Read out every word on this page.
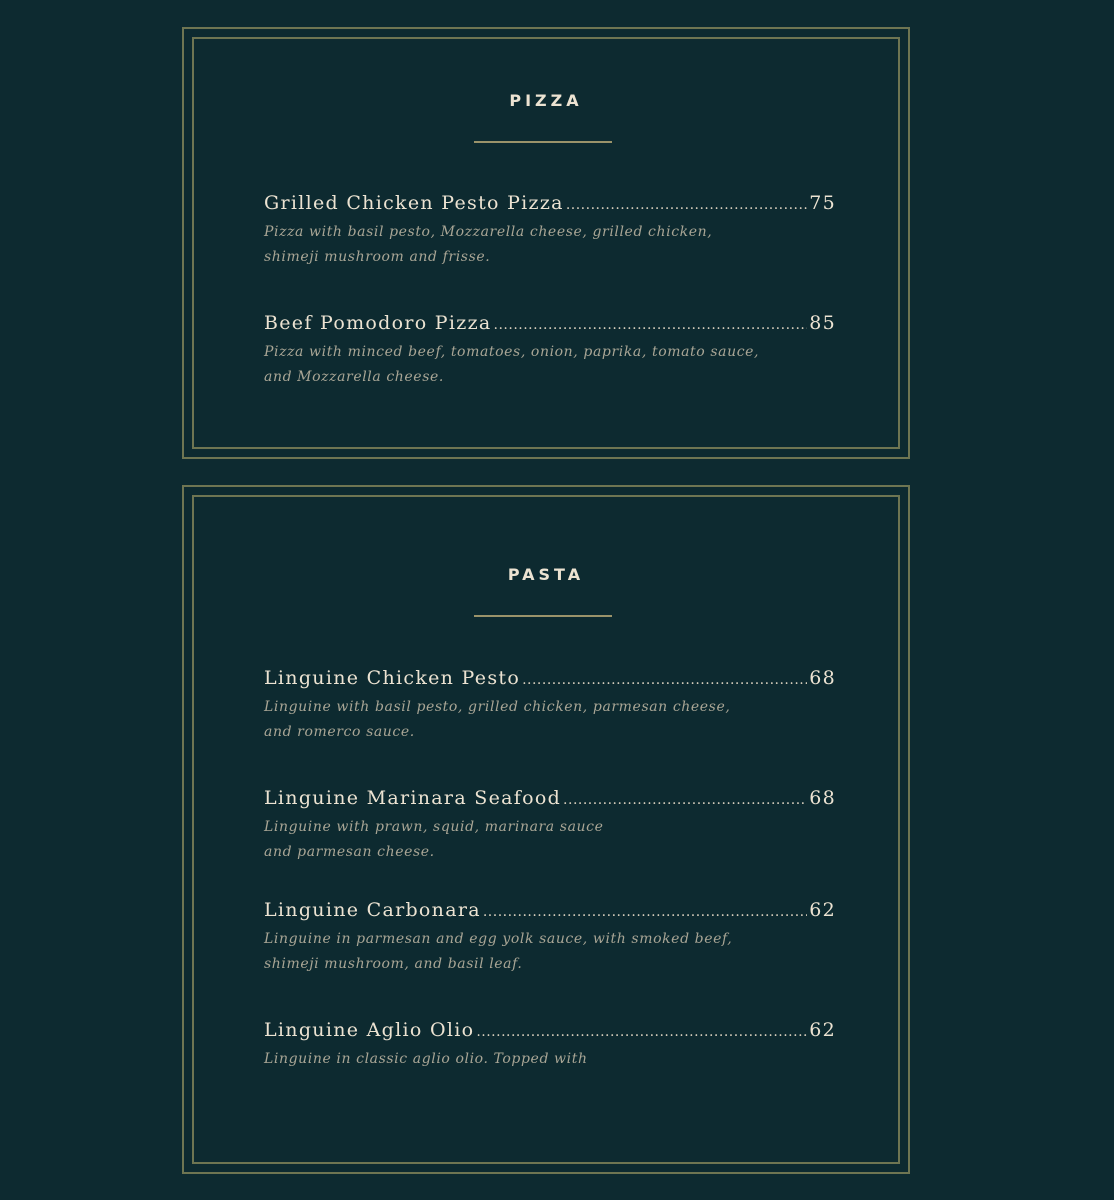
PIZZA
Grilled Chicken Pesto Pizza .....	75

Pizza with basil pesto, Mozzarella cheese, grilled chicken,
shimeji mushroom and frisse.

Beef Pomodoro Pizza .....	85

Pizza with minced beef, tomatoes, onion, paprika, tomato sauce,
and Mozzarella cheese.

PASTA
Linguine Chicken Pesto .....	68

Linguine with basil pesto, grilled chicken, parmesan cheese,
and romerco sauce.

Linguine Marinara Seafood .....	68

Linguine with prawn, squid, marinara sauce
and parmesan cheese.

Linguine Carbonara .....	62

Linguine in parmesan and egg yolk sauce, with smoked beef,
shimeji mushroom, and basil leaf.

Linguine Aglio Olio .....	62

Linguine in classic aglio olio. Topped with
